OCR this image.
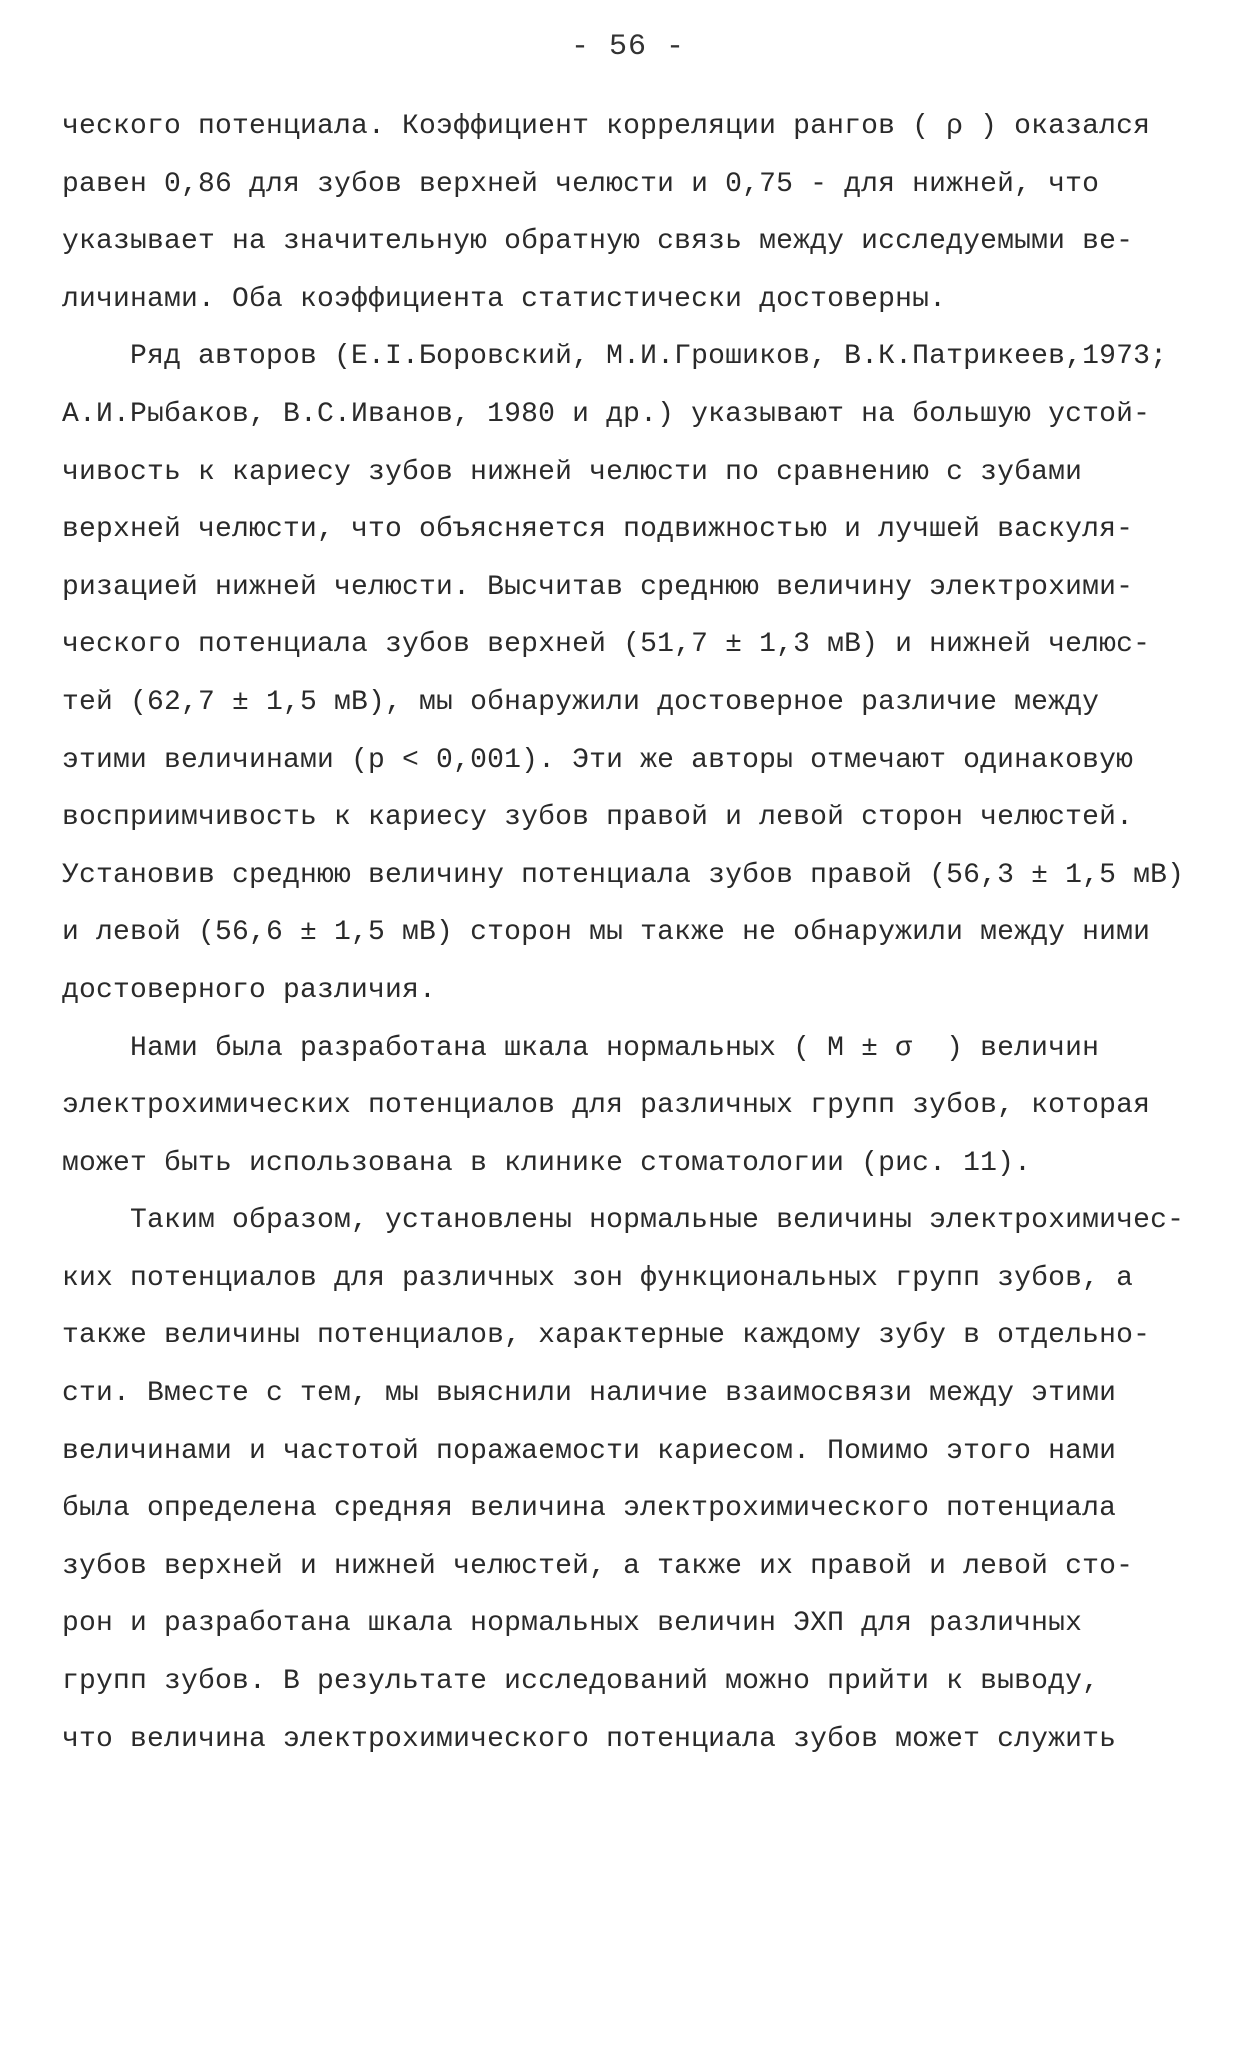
- 56 -
ческого потенциала. Коэффициент корреляции рангов ( ρ ) оказался
равен 0,86 для зубов верхней челюсти и 0,75 - для нижней, что
указывает на значительную обратную связь между исследуемыми ве-
личинами. Оба коэффициента статистически достоверны.
Ряд авторов (Е.І.Боровский, М.И.Грошиков, В.К.Патрикеев,1973;
А.И.Рыбаков, В.С.Иванов, 1980 и др.) указывают на большую устой-
чивость к кариесу зубов нижней челюсти по сравнению с зубами
верхней челюсти, что объясняется подвижностью и лучшей васкуля-
ризацией нижней челюсти. Высчитав среднюю величину электрохими-
ческого потенциала зубов верхней (51,7 ± 1,3 мВ) и нижней челюс-
тей (62,7 ± 1,5 мВ), мы обнаружили достоверное различие между
этими величинами (р < 0,001). Эти же авторы отмечают одинаковую
восприимчивость к кариесу зубов правой и левой сторон челюстей.
Установив среднюю величину потенциала зубов правой (56,3 ± 1,5 мВ)
и левой (56,6 ± 1,5 мВ) сторон мы также не обнаружили между ними
достоверного различия.
Нами была разработана шкала нормальных ( М ± σ  ) величин
электрохимических потенциалов для различных групп зубов, которая
может быть использована в клинике стоматологии (рис. 11).
Таким образом, установлены нормальные величины электрохимичес-
ких потенциалов для различных зон функциональных групп зубов, а
также величины потенциалов, характерные каждому зубу в отдельно-
сти. Вместе с тем, мы выяснили наличие взаимосвязи между этими
величинами и частотой поражаемости кариесом. Помимо этого нами
была определена средняя величина электрохимического потенциала
зубов верхней и нижней челюстей, а также их правой и левой сто-
рон и разработана шкала нормальных величин ЭХП для различных
групп зубов. В результате исследований можно прийти к выводу,
что величина электрохимического потенциала зубов может служить
